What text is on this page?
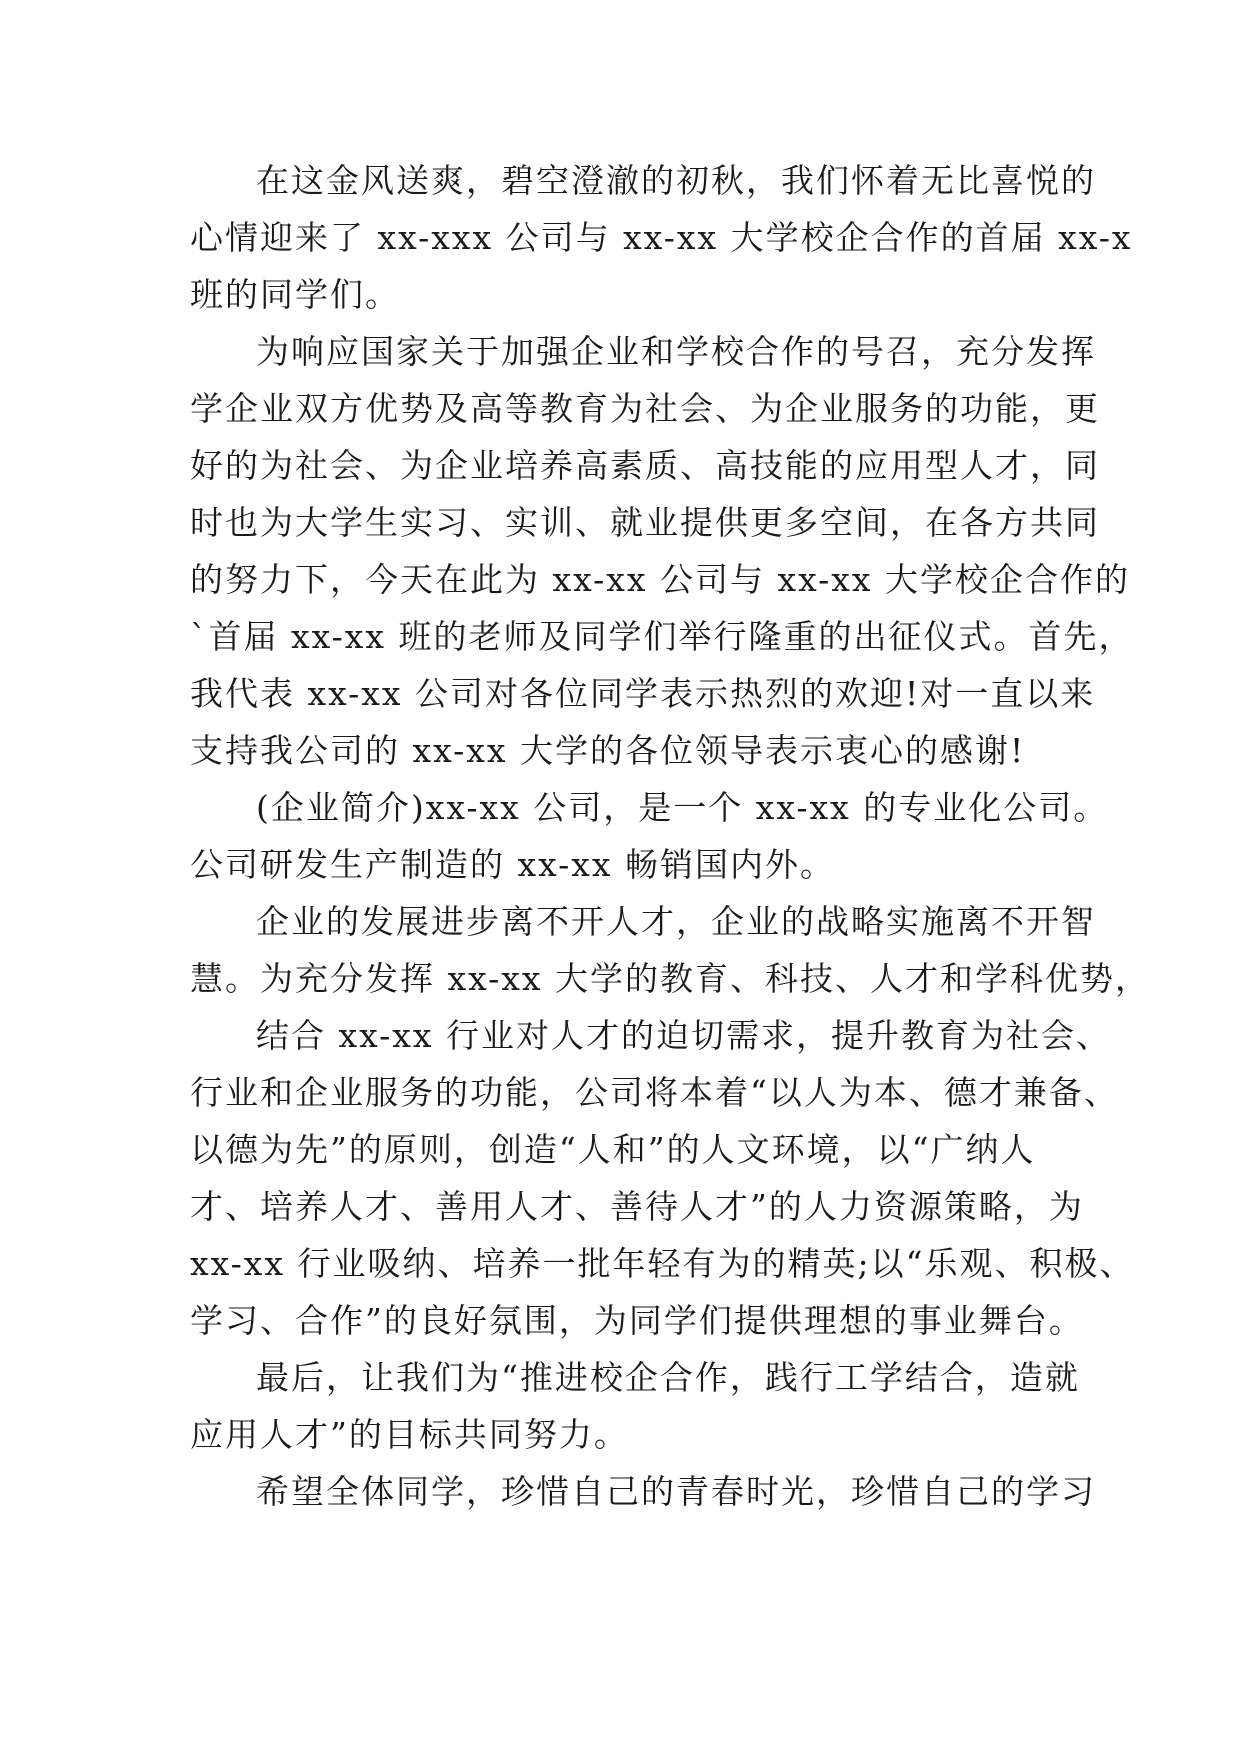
在这金风送爽，碧空澄澈的初秋，我们怀着无比喜悦的
心情迎来了 xx-xxx 公司与 xx-xx 大学校企合作的首届 xx-x
班的同学们。
为响应国家关于加强企业和学校合作的号召，充分发挥
学企业双方优势及高等教育为社会、为企业服务的功能，更
好的为社会、为企业培养高素质、高技能的应用型人才，同
时也为大学生实习、实训、就业提供更多空间，在各方共同
的努力下，今天在此为 xx-xx 公司与 xx-xx 大学校企合作的
`首届 xx-xx 班的老师及同学们举行隆重的出征仪式。首先，
我代表 xx-xx 公司对各位同学表示热烈的欢迎!对一直以来
支持我公司的 xx-xx 大学的各位领导表示衷心的感谢!
(企业简介)xx-xx 公司，是一个 xx-xx 的专业化公司。
公司研发生产制造的 xx-xx 畅销国内外。
企业的发展进步离不开人才，企业的战略实施离不开智
慧。为充分发挥 xx-xx 大学的教育、科技、人才和学科优势，
结合 xx-xx 行业对人才的迫切需求，提升教育为社会、
行业和企业服务的功能，公司将本着“以人为本、德才兼备、
以德为先”的原则，创造“人和”的人文环境，以“广纳人
才、培养人才、善用人才、善待人才”的人力资源策略，为
xx-xx 行业吸纳、培养一批年轻有为的精英;以“乐观、积极、
学习、合作”的良好氛围，为同学们提供理想的事业舞台。
最后，让我们为“推进校企合作，践行工学结合，造就
应用人才”的目标共同努力。
希望全体同学，珍惜自己的青春时光，珍惜自己的学习
